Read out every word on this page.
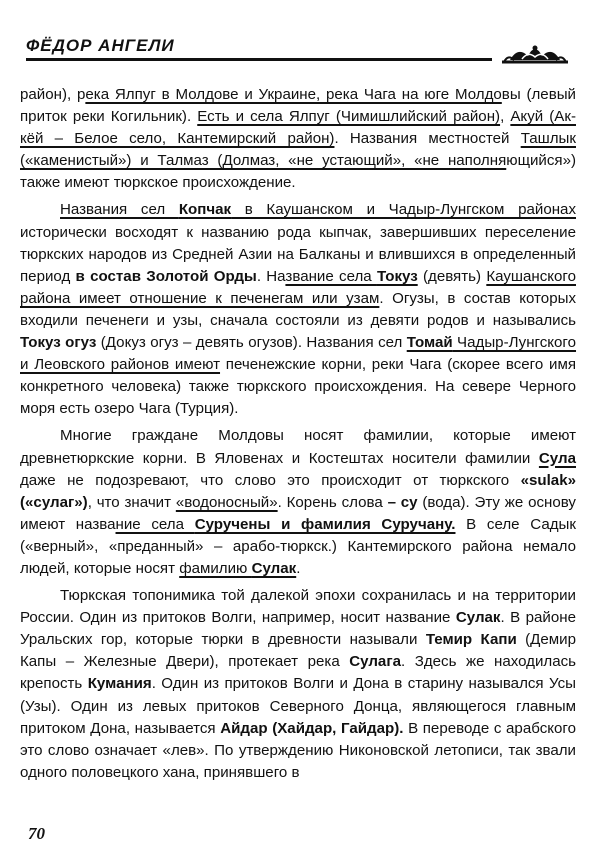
ФЁДОР АНГЕЛИ

район), река Ялпуг в Молдове и Украине, река Чага на юге Молдовы (левый приток реки Когильник). Есть и села Ялпуг (Чимишлийский район), Акуй (Ак-кёй – Белое село, Кантемирский район). Названия местностей Ташлык («каменистый») и Талмаз (Долмаз, «не устающий», «не наполняющийся») также имеют тюркское происхождение.

Названия сел Копчак в Каушанском и Чадыр-Лунгском районах исторически восходят к названию рода кыпчак, завершивших переселение тюркских народов из Средней Азии на Балканы и влившихся в определенный период в состав Золотой Орды. Название села Токуз (девять) Каушанского района имеет отношение к печенегам или узам. Огузы, в состав которых входили печенеги и узы, сначала состояли из девяти родов и назывались Токуз огуз (Докуз огуз – девять огузов). Названия сел Томай Чадыр-Лунгского и Леовского районов имеют печенежские корни, реки Чага (скорее всего имя конкретного человека) также тюркского происхождения. На севере Черного моря есть озеро Чага (Турция).

Многие граждане Молдовы носят фамилии, которые имеют древнетюркские корни. В Яловенах и Костештах носители фамилии Сула даже не подозревают, что слово это происходит от тюркского «sulak» («сулаг»), что значит «водоносный». Корень слова – су (вода). Эту же основу имеют название села Суручены и фамилия Суручану. В селе Садык («верный», «преданный» – арабо-тюркск.) Кантемирского района немало людей, которые носят фамилию Сулак.

Тюркская топонимика той далекой эпохи сохранилась и на территории России. Один из притоков Волги, например, носит название Сулак. В районе Уральских гор, которые тюрки в древности называли Темир Капи (Демир Капы – Железные Двери), протекает река Сулага. Здесь же находилась крепость Кумания. Один из притоков Волги и Дона в старину назывался Усы (Узы). Один из левых притоков Северного Донца, являющегося главным притоком Дона, называется Айдар (Хайдар, Гайдар). В переводе с арабского это слово означает «лев». По утверждению Никоновской летописи, так звали одного половецкого хана, принявшего в

70
